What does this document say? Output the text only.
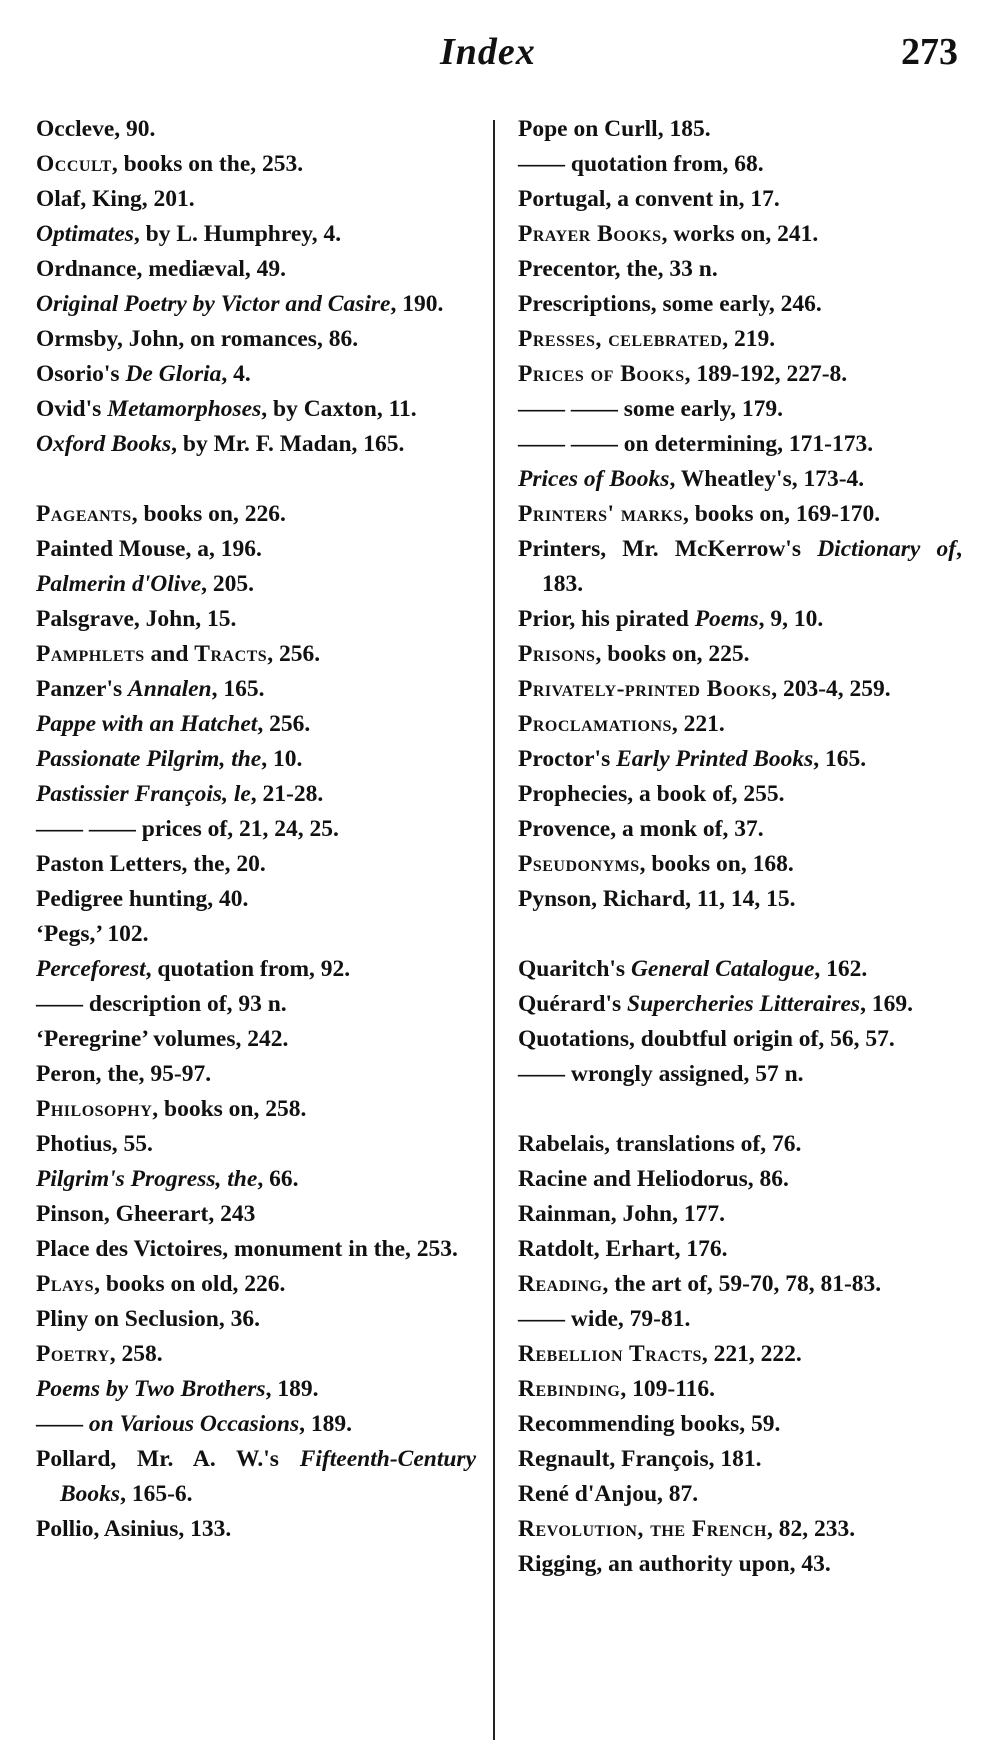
Index	273
Occleve, 90.
Occult, books on the, 253.
Olaf, King, 201.
Optimates, by L. Humphrey, 4.
Ordnance, mediæval, 49.
Original Poetry by Victor and Casire, 190.
Ormsby, John, on romances, 86.
Osorio's De Gloria, 4.
Ovid's Metamorphoses, by Caxton, 11.
Oxford Books, by Mr. F. Madan, 165.
Pageants, books on, 226.
Painted Mouse, a, 196.
Palmerin d'Olive, 205.
Palsgrave, John, 15.
Pamphlets and Tracts, 256.
Panzer's Annalen, 165.
Pappe with an Hatchet, 256.
Passionate Pilgrim, the, 10.
Pastissier François, le, 21-28.
—— —— prices of, 21, 24, 25.
Paston Letters, the, 20.
Pedigree hunting, 40.
‘Pegs,’ 102.
Perceforest, quotation from, 92.
—— description of, 93 n.
‘Peregrine’ volumes, 242.
Peron, the, 95-97.
Philosophy, books on, 258.
Photius, 55.
Pilgrim's Progress, the, 66.
Pinson, Gheerart, 243
Place des Victoires, monument in the, 253.
Plays, books on old, 226.
Pliny on Seclusion, 36.
Poetry, 258.
Poems by Two Brothers, 189.
—— on Various Occasions, 189.
Pollard, Mr. A. W.'s Fifteenth-Century Books, 165-6.
Pollio, Asinius, 133.
Pope on Curll, 185.
—— quotation from, 68.
Portugal, a convent in, 17.
Prayer Books, works on, 241.
Precentor, the, 33 n.
Prescriptions, some early, 246.
Presses, celebrated, 219.
Prices of Books, 189-192, 227-8.
—— —— some early, 179.
—— —— on determining, 171-173.
Prices of Books, Wheatley's, 173-4.
Printers' marks, books on, 169-170.
Printers, Mr. McKerrow's Dictionary of, 183.
Prior, his pirated Poems, 9, 10.
Prisons, books on, 225.
Privately-printed Books, 203-4, 259.
Proclamations, 221.
Proctor's Early Printed Books, 165.
Prophecies, a book of, 255.
Provence, a monk of, 37.
Pseudonyms, books on, 168.
Pynson, Richard, 11, 14, 15.
Quaritch's General Catalogue, 162.
Quérard's Supercheries Litteraires, 169.
Quotations, doubtful origin of, 56, 57.
—— wrongly assigned, 57 n.
Rabelais, translations of, 76.
Racine and Heliodorus, 86.
Rainman, John, 177.
Ratdolt, Erhart, 176.
Reading, the art of, 59-70, 78, 81-83.
—— wide, 79-81.
Rebellion Tracts, 221, 222.
Rebinding, 109-116.
Recommending books, 59.
Regnault, François, 181.
René d'Anjou, 87.
Revolution, the French, 82, 233.
Rigging, an authority upon, 43.
